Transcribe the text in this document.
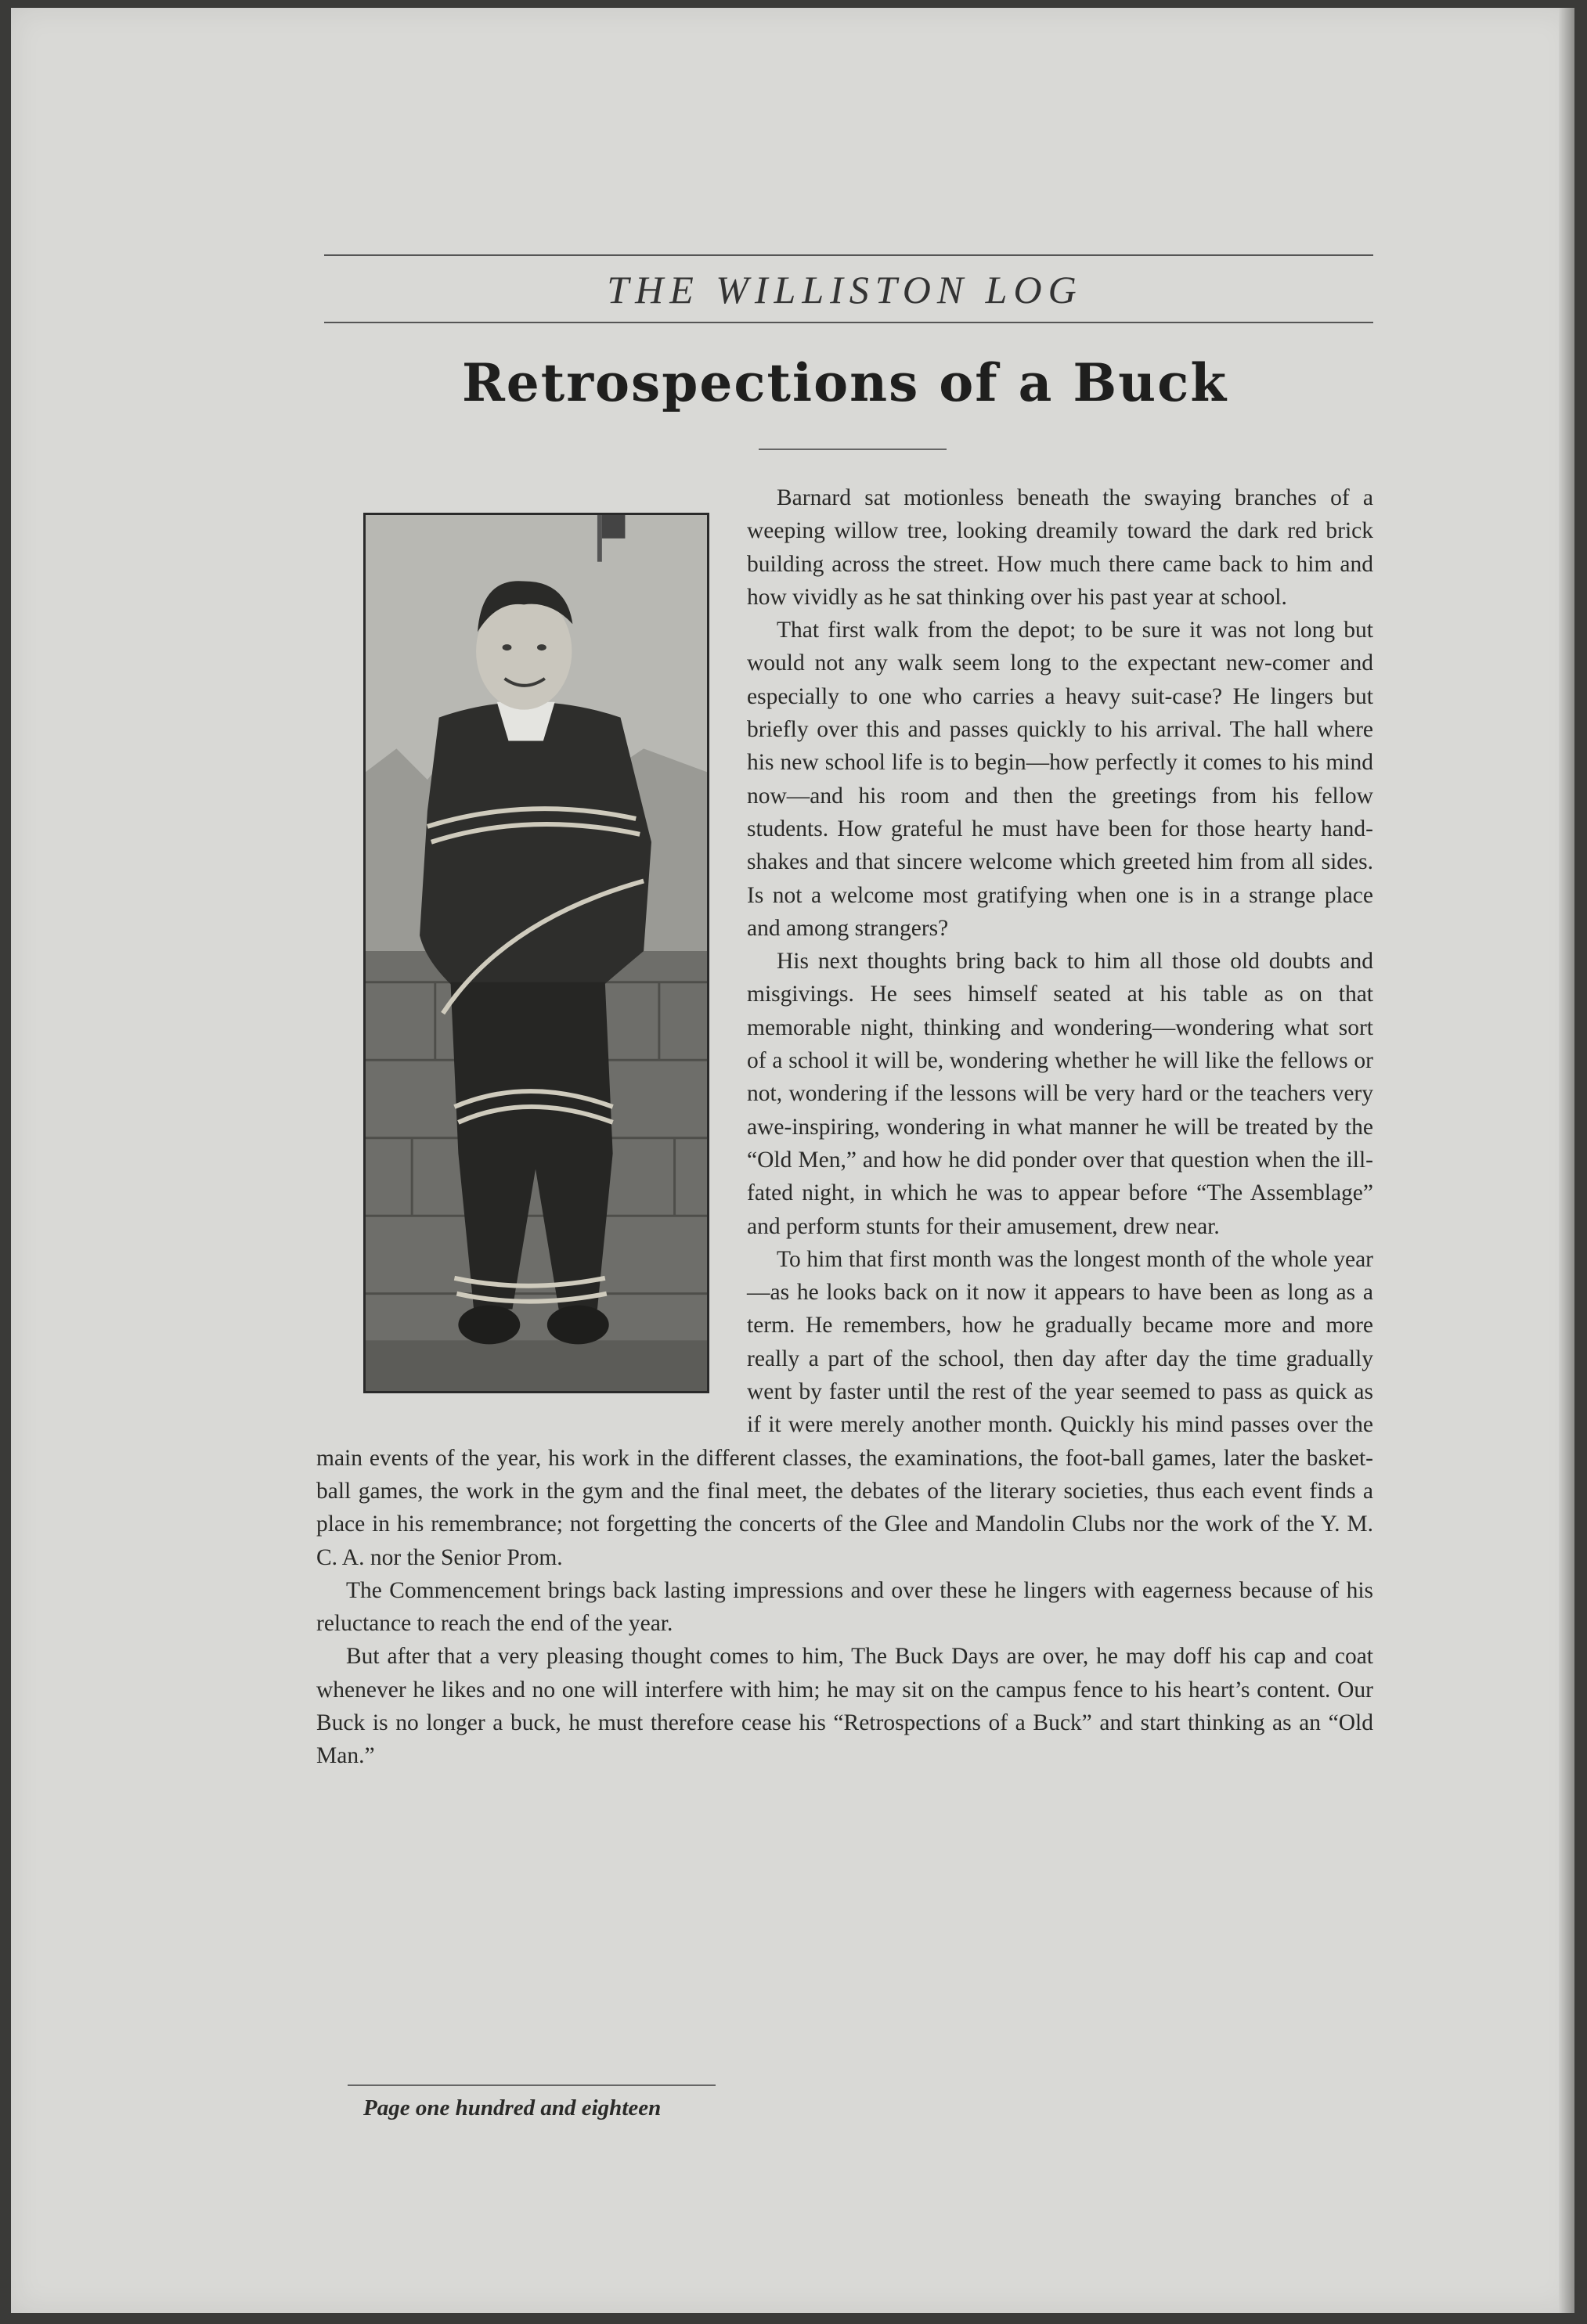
THE WILLISTON LOG
Retrospections of a Buck

Barnard sat motionless beneath the swaying branches of a weeping willow tree, looking dreamily toward the dark red brick building across the street. How much there came back to him and how vividly as he sat thinking over his past year at school.

That first walk from the depot; to be sure it was not long but would not any walk seem long to the expectant new-comer and especially to one who carries a heavy suit-case? He lingers but briefly over this and passes quickly to his arrival. The hall where his new school life is to begin—how perfectly it comes to his mind now—and his room and then the greetings from his fellow students. How grateful he must have been for those hearty hand-shakes and that sincere welcome which greeted him from all sides. Is not a welcome most gratifying when one is in a strange place and among strangers?

His next thoughts bring back to him all those old doubts and misgivings. He sees himself seated at his table as on that memorable night, thinking and wondering—wondering what sort of a school it will be, wondering whether he will like the fellows or not, wondering if the lessons will be very hard or the teachers very awe-inspiring, wondering in what manner he will be treated by the “Old Men,” and how he did ponder over that question when the ill-fated night, in which he was to appear before “The Assemblage” and perform stunts for their amusement, drew near.

To him that first month was the longest month of the whole year—as he looks back on it now it appears to have been as long as a term. He remembers, how he gradually became more and more really a part of the school, then day after day the time gradually went by faster until the rest of the year seemed to pass as quick as if it were merely another month. Quickly his mind passes over the main events of the year, his work in the different classes, the examinations, the foot-ball games, later the basket-ball games, the work in the gym and the final meet, the debates of the literary societies, thus each event finds a place in his remembrance; not forgetting the concerts of the Glee and Mandolin Clubs nor the work of the Y. M. C. A. nor the Senior Prom.

The Commencement brings back lasting impressions and over these he lingers with eagerness because of his reluctance to reach the end of the year.

But after that a very pleasing thought comes to him, The Buck Days are over, he may doff his cap and coat whenever he likes and no one will interfere with him; he may sit on the campus fence to his heart’s content. Our Buck is no longer a buck, he must therefore cease his “Retrospections of a Buck” and start thinking as an “Old Man.”

Page one hundred and eighteen
